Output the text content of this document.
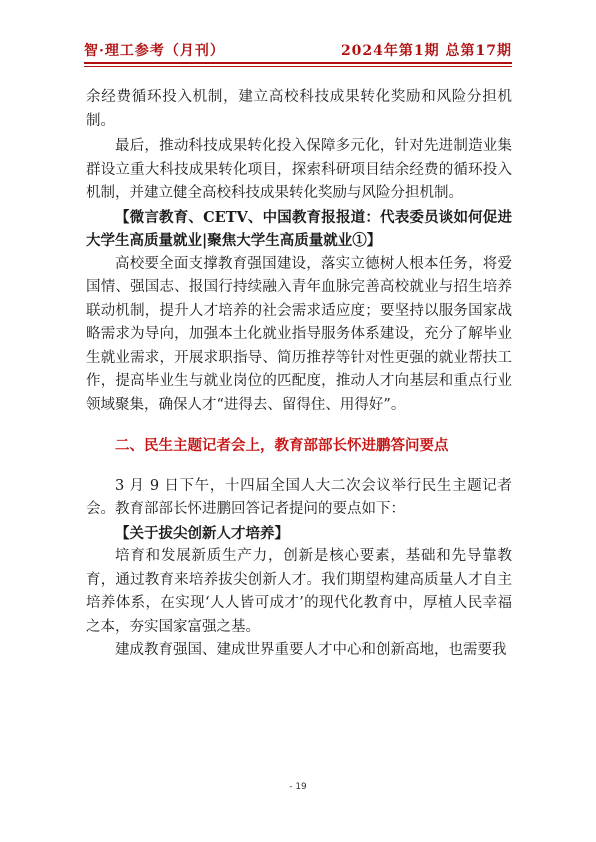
智·理工参考（月刊）	2024年第1期 总第17期

余经费循环投入机制，建立高校科技成果转化奖励和风险分担机制。

最后，推动科技成果转化投入保障多元化，针对先进制造业集群设立重大科技成果转化项目，探索科研项目结余经费的循环投入机制，并建立健全高校科技成果转化奖励与风险分担机制。

【微言教育、CETV、中国教育报报道：代表委员谈如何促进大学生高质量就业|聚焦大学生高质量就业①】

高校要全面支撑教育强国建设，落实立德树人根本任务，将爱国情、强国志、报国行持续融入青年血脉完善高校就业与招生培养联动机制，提升人才培养的社会需求适应度；要坚持以服务国家战略需求为导向，加强本土化就业指导服务体系建设，充分了解毕业生就业需求，开展求职指导、简历推荐等针对性更强的就业帮扶工作，提高毕业生与就业岗位的匹配度，推动人才向基层和重点行业领域聚集，确保人才“进得去、留得住、用得好”。

二、民生主题记者会上，教育部部长怀进鹏答问要点

3 月 9 日下午，十四届全国人大二次会议举行民生主题记者会。教育部部长怀进鹏回答记者提问的要点如下：

【关于拔尖创新人才培养】

培育和发展新质生产力，创新是核心要素，基础和先导靠教育，通过教育来培养拔尖创新人才。我们期望构建高质量人才自主培养体系，在实现‘人人皆可成才’的现代化教育中，厚植人民幸福之本，夯实国家富强之基。

建成教育强国、建成世界重要人才中心和创新高地，也需要我

- 19
